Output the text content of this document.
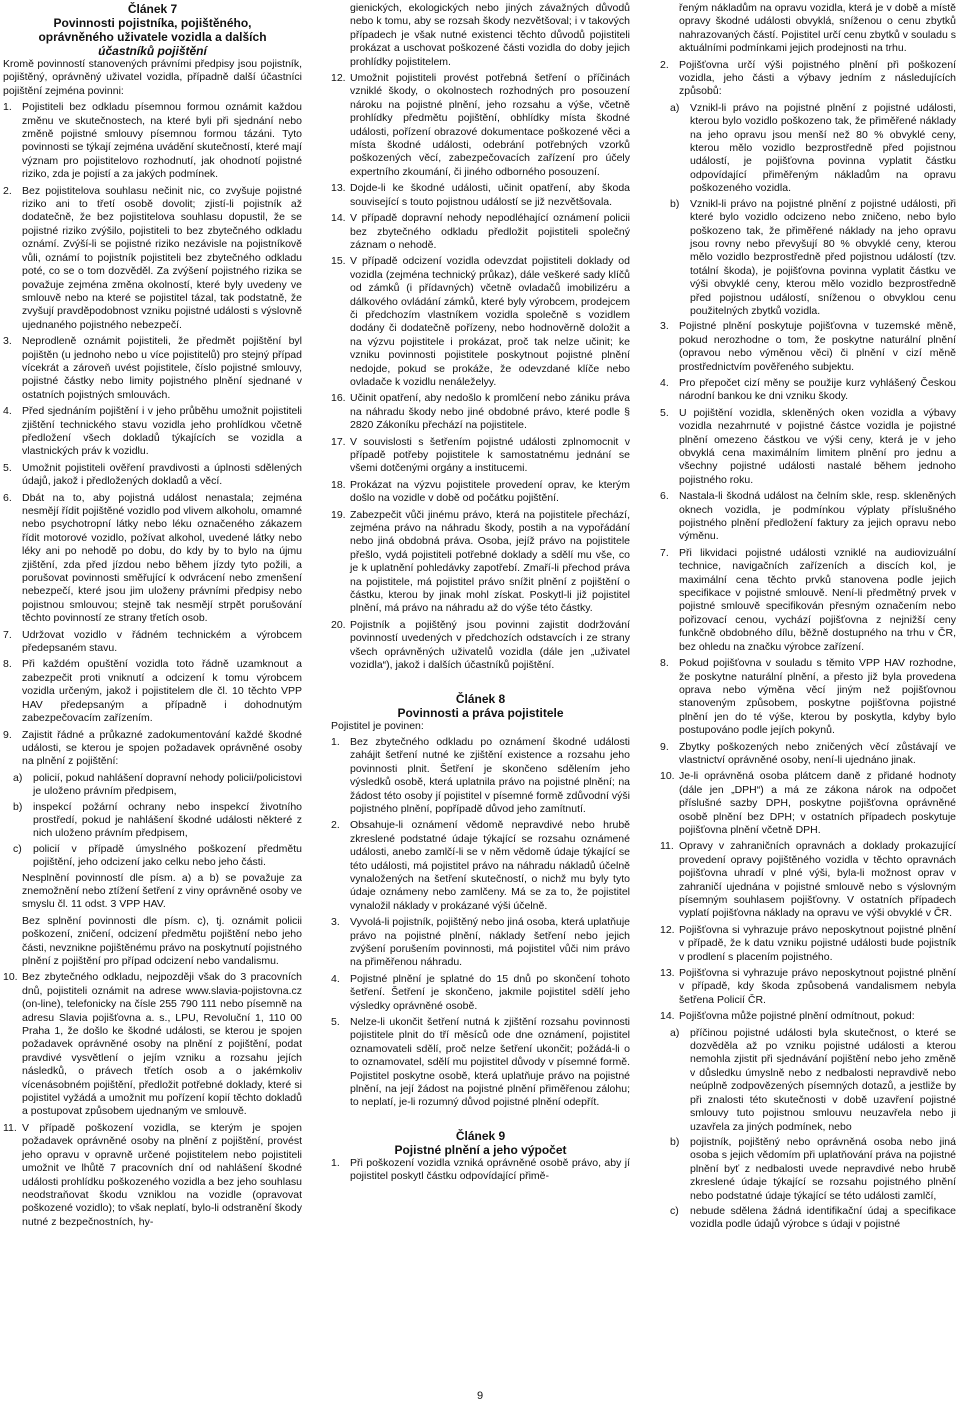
Článek 7

Povinnosti pojistníka, pojištěného,

oprávněného uživatele vozidla a dalších

účastníků pojištění

Kromě povinností stanovených právními předpisy jsou pojistník, pojištěný, oprávněný uživatel vozidla, případně další účastníci pojištění zejména povinni:

1. Pojistiteli bez odkladu písemnou formou oznámit každou změnu ve skutečnostech, na které byli při sjednání nebo změně pojistné smlouvy písemnou formou tázáni. Tyto povinnosti se týkají zejména uvádění skutečností, které mají význam pro pojistitelovo rozhodnutí, jak ohodnotí pojistné riziko, zda je pojistí a za jakých podmínek.

2. Bez pojistitelova souhlasu nečinit nic, co zvyšuje pojistné riziko ani to třetí osobě dovolit; zjistí-li pojistník až dodatečně, že bez pojistitelova souhlasu dopustil, že se pojistné riziko zvýšilo, pojistiteli to bez zbytečného odkladu oznámí. Zvýší-li se pojistné riziko nezávisle na pojistníkově vůli, oznámí to pojistník pojistiteli bez zbytečného odkladu poté, co se o tom dozvěděl. Za zvýšení pojistného rizika se považuje zejména změna okolností, které byly uvedeny ve smlouvě nebo na které se pojistitel tázal, tak podstatně, že zvyšují pravděpodobnost vzniku pojistné události s výslovně ujednaného pojistného nebezpečí.

3. Neprodleně oznámit pojistiteli, že předmět pojištění byl pojištěn (u jednoho nebo u více pojistitelů) pro stejný případ vícekrát a zároveň uvést pojistitele, číslo pojistné smlouvy, pojistné částky nebo limity pojistného plnění sjednané v ostatních pojistných smlouvách.

4. Před sjednáním pojištění i v jeho průběhu umožnit pojistiteli zjištění technického stavu vozidla jeho prohlídkou včetně předložení všech dokladů týkajících se vozidla a vlastnických práv k vozidlu.

5. Umožnit pojistiteli ověření pravdivosti a úplnosti sdělených údajů, jakož i předložených dokladů a věcí.

6. Dbát na to, aby pojistná událost nenastala; zejména nesmějí řídit pojištěné vozidlo pod vlivem alkoholu, omamné nebo psychotropní látky nebo léku označeného zákazem řídit motorové vozidlo, požívat alkohol, uvedené látky nebo léky ani po nehodě po dobu, do kdy by to bylo na újmu zjištění, zda před jízdou nebo během jízdy tyto požili, a porušovat povinnosti směřující k odvrácení nebo zmenšení nebezpečí, které jsou jim uloženy právními předpisy nebo pojistnou smlouvou; stejně tak nesmějí strpět porušování těchto povinností ze strany třetích osob.

7. Udržovat vozidlo v řádném technickém a výrobcem předepsaném stavu.

8. Při každém opuštění vozidla toto řádně uzamknout a zabezpečit proti vniknutí a odcizení k tomu výrobcem vozidla určeným, jakož i pojistitelem dle čl. 10 těchto VPP HAV předepsaným a případně i dohodnutým zabezpečovacím zařízením.

9. Zajistit řádné a průkazné zadokumentování každé škodné události, se kterou je spojen požadavek oprávněné osoby na plnění z pojištění:

a)	policií, pokud nahlášení dopravní nehody policii/policistovi je uloženo právním předpisem,

b)	inspekcí požární ochrany nebo inspekcí životního prostředí, pokud je nahlášení škodné události některé z nich uloženo právním předpisem,

c)	policií v případě úmyslného poškození předmětu pojištění, jeho odcizení jako celku nebo jeho části.

Nesplnění povinností dle písm. a) a b) se považuje za znemožnění nebo ztížení šetření z viny oprávněné osoby ve smyslu čl. 11 odst. 3 VPP HAV.

Bez splnění povinnosti dle písm. c), tj. oznámit policii poškození, zničení, odcizení předmětu pojištění nebo jeho části, nevznikne pojištěnému právo na poskytnutí pojistného plnění z pojištění pro případ odcizení nebo vandalismu.

10. Bez zbytečného odkladu, nejpozději však do 3 pracovních dnů, pojistiteli oznámit na adrese www.slavia-pojistovna.cz (on-line), telefonicky na čísle 255 790 111 nebo písemně na adresu Slavia pojišťovna a. s., LPU, Revoluční 1, 110 00 Praha 1, že došlo ke škodné události, se kterou je spojen požadavek oprávněné osoby na plnění z pojištění, podat pravdivé vysvětlení o jejím vzniku a rozsahu jejích následků, o právech třetích osob a o jakémkoliv vícenásobném pojištění, předložit potřebné doklady, které si pojistitel vyžádá a umožnit mu pořízení kopií těchto dokladů a postupovat způsobem ujednaným ve smlouvě.

11. V případě poškození vozidla, se kterým je spojen požadavek oprávněné osoby na plnění z pojištění, provést jeho opravu v opravně určené pojistitelem nebo pojistiteli umožnit ve lhůtě 7 pracovních dní od nahlášení škodné události prohlídku poškozeného vozidla a bez jeho souhlasu neodstraňovat škodu vzniklou na vozidle (opravovat poškozené vozidlo); to však neplatí, bylo-li odstranění škody nutné z bezpečnostních, hy-

gienických, ekologických nebo jiných závažných důvodů nebo k tomu, aby se rozsah škody nezvětšoval; i v takových případech je však nutné existenci těchto důvodů pojistiteli prokázat a uschovat poškozené části vozidla do doby jejich prohlídky pojistitelem.

12. Umožnit pojistiteli provést potřebná šetření o příčinách vzniklé škody, o okolnostech rozhodných pro posouzení nároku na pojistné plnění, jeho rozsahu a výše, včetně prohlídky předmětu pojištění, obhlídky místa škodné události, pořízení obrazové dokumentace poškozené věci a místa škodné události, odebrání potřebných vzorků poškozených věcí, zabezpečovacích zařízení pro účely expertního zkoumání, či jiného odborného posouzení.

13. Dojde-li ke škodné události, učinit opatření, aby škoda související s touto pojistnou událostí se již nezvětšovala.

14. V případě dopravní nehody nepodléhající oznámení policii bez zbytečného odkladu předložit pojistiteli společný záznam o nehodě.

15. V případě odcizení vozidla odevzdat pojistiteli doklady od vozidla (zejména technický průkaz), dále veškeré sady klíčů od zámků (i přídavných) včetně ovladačů imobilizéru a dálkového ovládání zámků, které byly výrobcem, prodejcem či předchozím vlastníkem vozidla společně s vozidlem dodány či dodatečně pořízeny, nebo hodnověrně doložit a na výzvu pojistitele i prokázat, proč tak nelze učinit; ke vzniku povinnosti pojistitele poskytnout pojistné plnění nedojde, pokud se prokáže, že odevzdané klíče nebo ovladače k vozidlu nenáleželyy.

16. Učinit opatření, aby nedošlo k promlčení nebo zániku práva na náhradu škody nebo jiné obdobné právo, které podle § 2820 Zákoníku přechází na pojistitele.

17. V souvislosti s šetřením pojistné události zplnomocnit v případě potřeby pojistitele k samostatnému jednání se všemi dotčenými orgány a institucemi.

18. Prokázat na výzvu pojistitele provedení oprav, ke kterým došlo na vozidle v době od počátku pojištění.

19. Zabezpečit vůči jinému právo, která na pojistitele přechází, zejména právo na náhradu škody, postih a na vypořádání nebo jiná obdobná práva. Osoba, jejíž právo na pojistitele přešlo, vydá pojistiteli potřebné doklady a sdělí mu vše, co je k uplatnění pohledávky zapotřebí. Zmaří-li přechod práva na pojistitele, má pojistitel právo snížit plnění z pojištění o částku, kterou by jinak mohl získat. Poskytl-li již pojistitel plnění, má právo na náhradu až do výše této částky.

20. Pojistník a pojištěný jsou povinni zajistit dodržování povinností uvedených v předchozích odstavcích i ze strany všech oprávněných uživatelů vozidla (dále jen „uživatel vozidla“), jakož i dalších účastníků pojištění.

Článek 8

Povinnosti a práva pojistitele

Pojistitel je povinen:

1. Bez zbytečného odkladu po oznámení škodné události zahájit šetření nutné ke zjištění existence a rozsahu jeho povinnosti plnit. Šetření je skončeno sdělením jeho výsledků osobě, která uplatnila právo na pojistné plnění; na žádost této osoby jí pojistitel v písemné formě zdůvodní výši pojistného plnění, popřípadě důvod jeho zamítnutí.

2. Obsahuje-li oznámení vědomě nepravdivé nebo hrubě zkreslené podstatné údaje týkající se rozsahu oznámené události, anebo zamlčí-li se v něm vědomě údaje týkající se této události, má pojistitel právo na náhradu nákladů účelně vynaložených na šetření skutečností, o nichž mu byly tyto údaje oznámeny nebo zamlčeny. Má se za to, že pojistitel vynaložil náklady v prokázané výši účelně.

3. Vyvolá-li pojistník, pojištěný nebo jiná osoba, která uplatňuje právo na pojistné plnění, náklady šetření nebo jejich zvýšení porušením povinnosti, má pojistitel vůči nim právo na přiměřenou náhradu.

4. Pojistné plnění je splatné do 15 dnů po skončení tohoto šetření. Šetření je skončeno, jakmile pojistitel sdělí jeho výsledky oprávněné osobě.

5. Nelze-li ukončit šetření nutná k zjištění rozsahu povinnosti pojistitele plnit do tří měsíců ode dne oznámení, pojistitel oznamovateli sdělí, proč nelze šetření ukončit; požádá-li o to oznamovatel, sdělí mu pojistitel důvody v písemné formě. Pojistitel poskytne osobě, která uplatňuje právo na pojistné plnění, na její žádost na pojistné plnění přiměřenou zálohu; to neplatí, je-li rozumný důvod pojistné plnění odepřít.

Článek 9

Pojistné plnění a jeho výpočet

1. Při poškození vozidla vzniká oprávněné osobě právo, aby jí pojistitel poskytl částku odpovídající přimě-

řeným nákladům na opravu vozidla, která je v době a místě opravy škodné události obvyklá, sníženou o cenu zbytků nahrazovaných částí. Pojistitel určí cenu zbytků v souladu s aktuálními podmínkami jejich prodejnosti na trhu.

2. Pojišťovna určí výši pojistného plnění při poškození vozidla, jeho části a výbavy jedním z následujících způsobů:

a)	Vznikl-li právo na pojistné plnění z pojistné události, kterou bylo vozidlo poškozeno tak, že přiměřené náklady na jeho opravu jsou menší než 80 % obvyklé ceny, kterou mělo vozidlo bezprostředně před pojistnou událostí, je pojišťovna povinna vyplatit částku odpovídající přiměřeným nákladům na opravu poškozeného vozidla.

b)	Vznikl-li právo na pojistné plnění z pojistné události, při které bylo vozidlo odcizeno nebo zničeno, nebo bylo poškozeno tak, že přiměřené náklady na jeho opravu jsou rovny nebo převyšují 80 % obvyklé ceny, kterou mělo vozidlo bezprostředně před pojistnou událostí (tzv. totální škoda), je pojišťovna povinna vyplatit částku ve výši obvyklé ceny, kterou mělo vozidlo bezprostředně před pojistnou událostí, sníženou o obvyklou cenu použitelných zbytků vozidla.

3. Pojistné plnění poskytuje pojišťovna v tuzemské měně, pokud nerozhodne o tom, že poskytne naturální plnění (opravou nebo výměnou věci) či plnění v cizí měně prostřednictvím pověřeného subjektu.

4. Pro přepočet cizí měny se použije kurz vyhlášený Českou národní bankou ke dni vzniku škody.

5. U pojištění vozidla, skleněných oken vozidla a výbavy vozidla nezahrnuté v pojistné částce vozidla je pojistné plnění omezeno částkou ve výši ceny, která je v jeho obvyklá cena maximálním limitem plnění pro jednu a všechny pojistné události nastalé během jednoho pojistného roku.

6. Nastala-li škodná událost na čelním skle, resp. skleněných oknech vozidla, je podmínkou výplaty příslušného pojistného plnění předložení faktury za jejich opravu nebo výměnu.

7. Při likvidaci pojistné události vzniklé na audiovizuální technice, navigačních zařízeních a discích kol, je maximální cena těchto prvků stanovena podle jejich specifikace v pojistné smlouvě. Není-li předmětný prvek v pojistné smlouvě specifikován přesným označením nebo pořizovací cenou, vychází pojišťovna z nejnižší ceny funkčně obdobného dílu, běžně dostupného na trhu v ČR, bez ohledu na značku výrobce zařízení.

8. Pokud pojišťovna v souladu s těmito VPP HAV rozhodne, že poskytne naturální plnění, a přesto již byla provedena oprava nebo výměna věcí jiným než pojišťovnou stanoveným způsobem, poskytne pojišťovna pojistné plnění jen do té výše, kterou by poskytla, kdyby bylo postupováno podle jejích pokynů.

9. Zbytky poškozených nebo zničených věcí zůstávají ve vlastnictví oprávněné osoby, není-li ujednáno jinak.

10. Je-li oprávněná osoba plátcem daně z přidané hodnoty (dále jen „DPH“) a má ze zákona nárok na odpočet příslušné sazby DPH, poskytne pojišťovna oprávněné osobě plnění bez DPH; v ostatních případech poskytuje pojišťovna plnění včetně DPH.

11. Opravy v zahraničních opravnách a doklady prokazující provedení opravy pojištěného vozidla v těchto opravnách pojišťovna uhradí v plné výši, byla-li možnost oprav v zahraničí ujednána v pojistné smlouvě nebo s výslovným písemným souhlasem pojišťovny. V ostatních případech vyplatí pojišťovna náklady na opravu ve výši obvyklé v ČR.

12. Pojišťovna si vyhrazuje právo neposkytnout pojistné plnění v případě, že k datu vzniku pojistné události bude pojistník v prodlení s placením pojistného.

13. Pojišťovna si vyhrazuje právo neposkytnout pojistné plnění v případě, kdy škoda způsobená vandalismem nebyla šetřena Policií ČR.

14. Pojišťovna může pojistné plnění odmítnout, pokud:

a)	příčinou pojistné události byla skutečnost, o které se dozvěděla až po vzniku pojistné události a kterou nemohla zjistit při sjednávání pojištění nebo jeho změně v důsledku úmyslně nebo z nedbalosti nepravdivě nebo neúplně zodpovězených písemných dotazů, a jestliže by při znalosti této skutečnosti v době uzavření pojistné smlouvy tuto pojistnou smlouvu neuzavřela nebo ji uzavřela za jiných podmínek, nebo

b)	pojistník, pojištěný nebo oprávněná osoba nebo jiná osoba s jejich vědomím při uplatňování práva na pojistné plnění byť z nedbalosti uvede nepravdivé nebo hrubě zkreslené údaje týkající se rozsahu pojistného plnění nebo podstatné údaje týkající se této události zamlčí,

c)	nebude sdělena žádná identifikační údaj a specifikace vozidla podle údajů výrobce s údaji v pojistné

9
